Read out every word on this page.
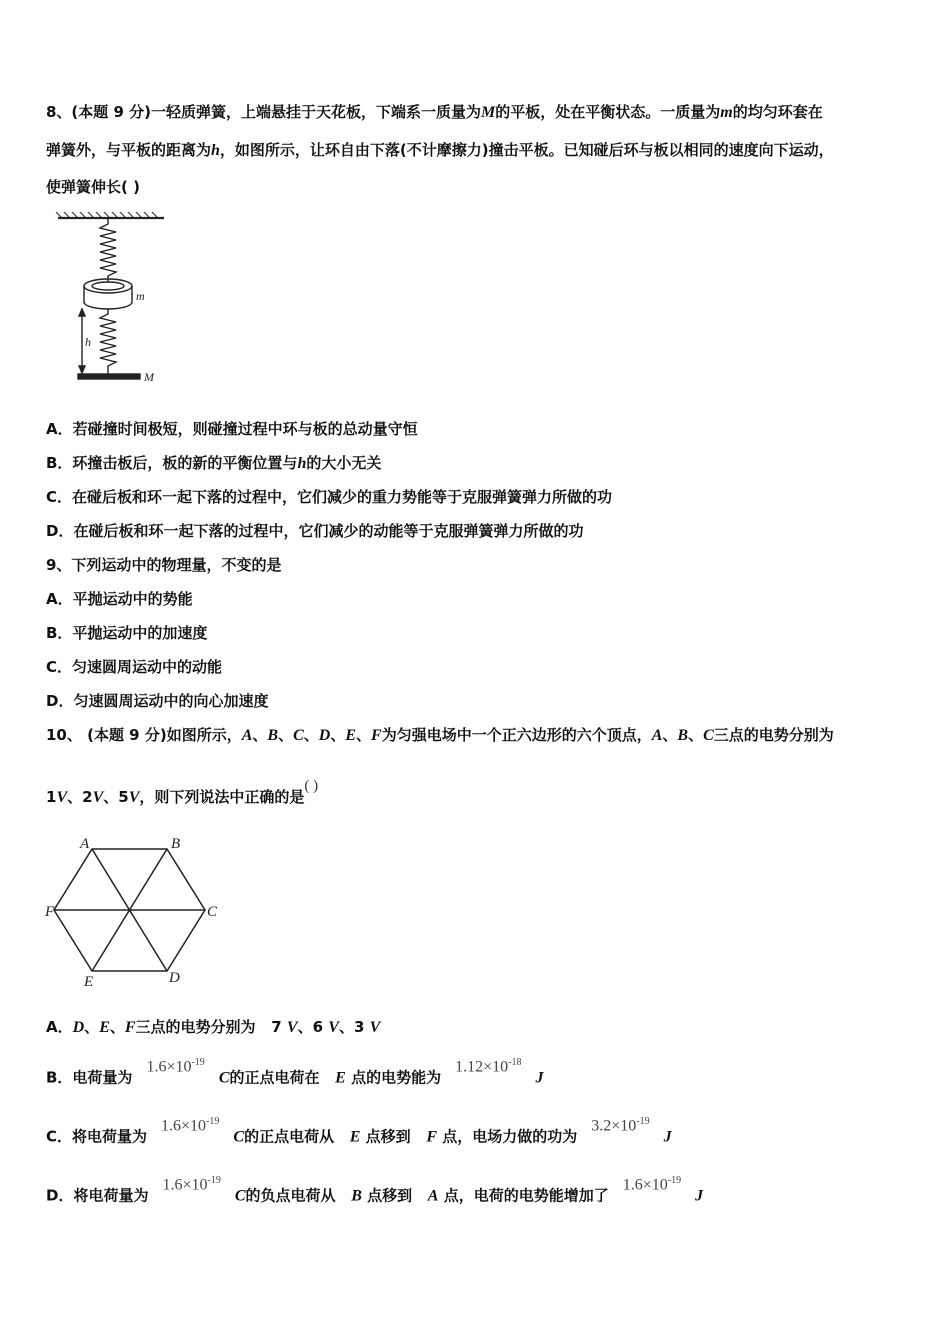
8、(本题 9 分)一轻质弹簧，上端悬挂于天花板，下端系一质量为M的平板，处在平衡状态。一质量为m的均匀环套在
弹簧外，与平板的距离为h，如图所示，让环自由下落(不计摩擦力)撞击平板。已知碰后环与板以相同的速度向下运动，
使弹簧伸长( )
m
h
M
A．若碰撞时间极短，则碰撞过程中环与板的总动量守恒
B．环撞击板后，板的新的平衡位置与h的大小无关
C．在碰后板和环一起下落的过程中，它们减少的重力势能等于克服弹簧弹力所做的功
D．在碰后板和环一起下落的过程中，它们减少的动能等于克服弹簧弹力所做的功
9、下列运动中的物理量，不变的是
A．平抛运动中的势能
B．平抛运动中的加速度
C．匀速圆周运动中的动能
D．匀速圆周运动中的向心加速度
10、 (本题 9 分)如图所示，A、B、C、D、E、F为匀强电场中一个正六边形的六个顶点，A、B、C三点的电势分别为
1V、2V、5V，则下列说法中正确的是( )
A	B
C
D
E
F
A．D、E、F三点的电势分别为 7 V、6 V、3 V
B．电荷量为$1.6\times 10^{-19}C$的正点电荷在 E 点的电势能为$1.12\times 10^{-18}J$
C．将电荷量为$1.6\times 10^{-19}C$的正点电荷从 E 点移到 F 点，电场力做的功为$3.2\times 10^{-19}J$
D．将电荷量为$1.6\times 10^{-19}C$的负点电荷从 B 点移到 A 点，电荷的电势能增加了$1.6\times 10^{-19}J$
